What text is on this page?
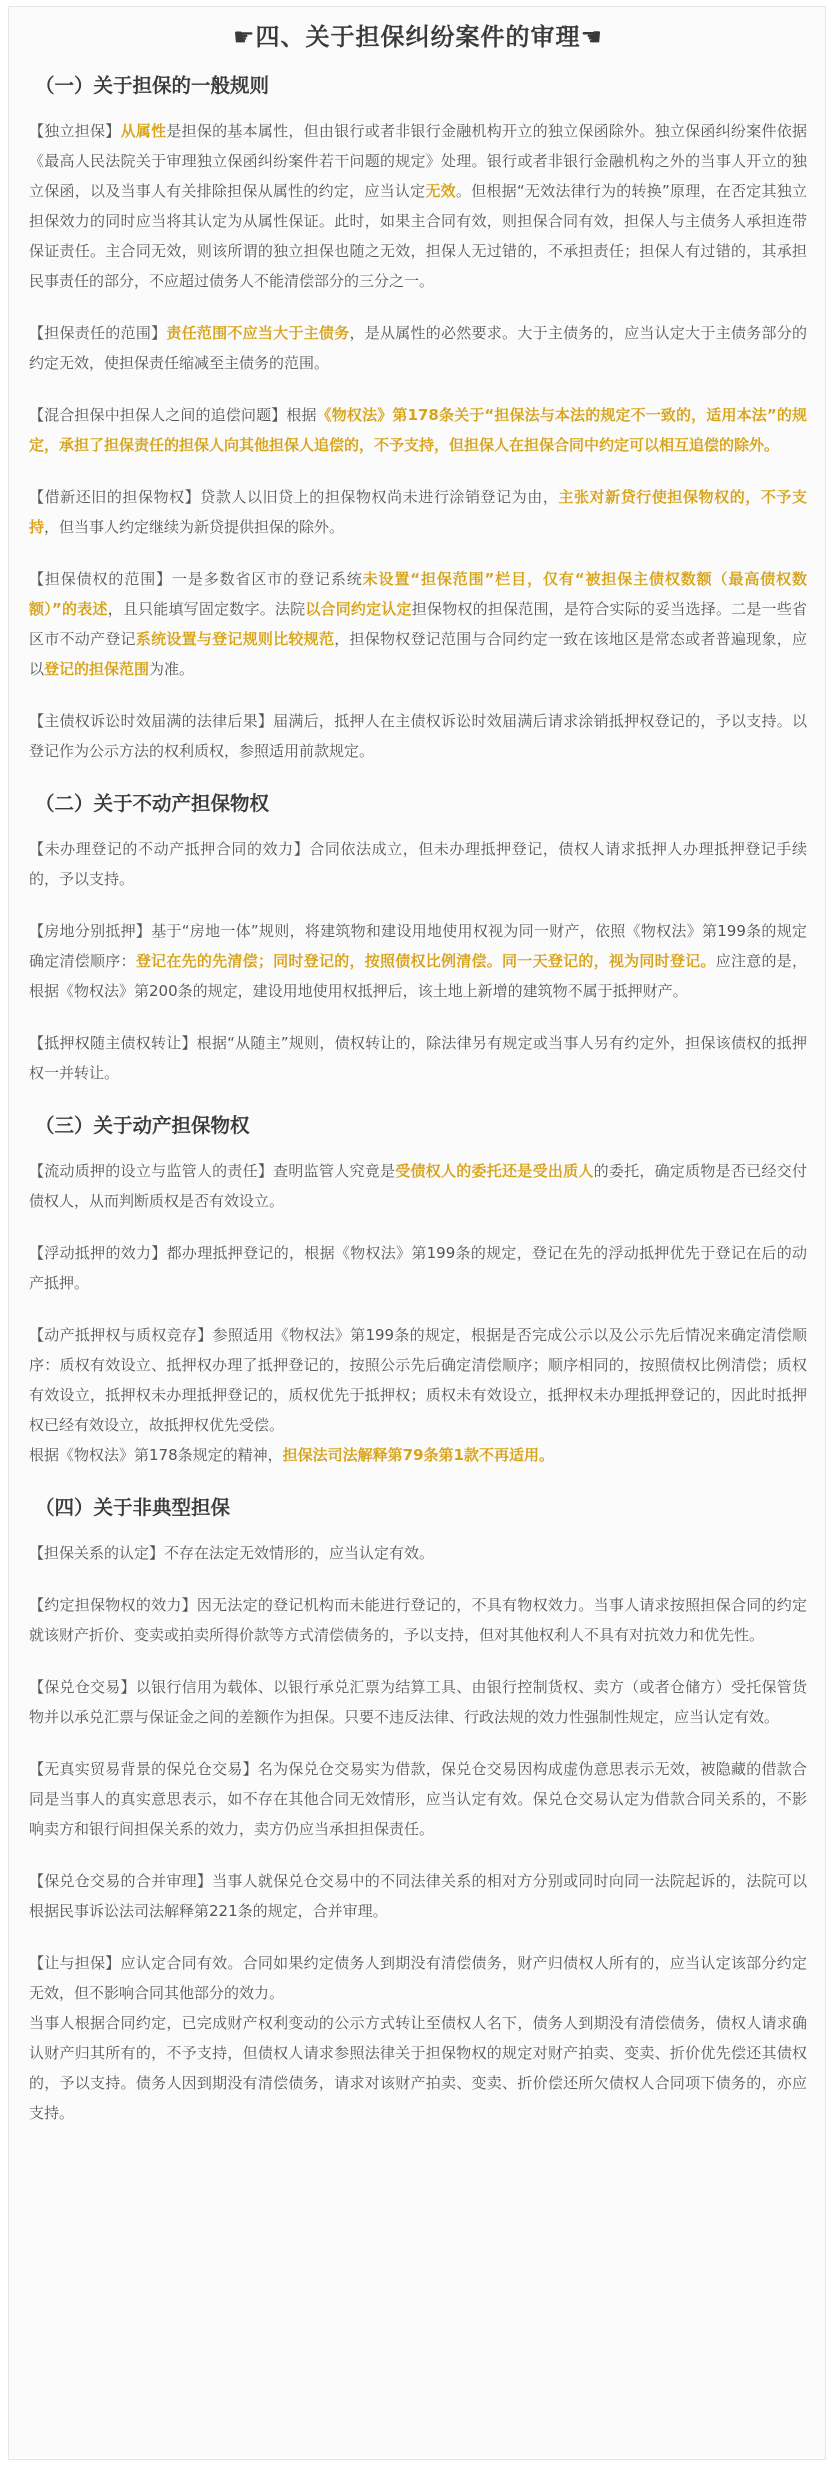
☛四、关于担保纠纷案件的审理☚
（一）关于担保的一般规则

【独立担保】从属性是担保的基本属性，但由银行或者非银行金融机构开立的独立保函除外。独立保函纠纷案件依据《最高人民法院关于审理独立保函纠纷案件若干问题的规定》处理。银行或者非银行金融机构之外的当事人开立的独立保函，以及当事人有关排除担保从属性的约定，应当认定无效。但根据“无效法律行为的转换”原理，在否定其独立担保效力的同时应当将其认定为从属性保证。此时，如果主合同有效，则担保合同有效，担保人与主债务人承担连带保证责任。主合同无效，则该所谓的独立担保也随之无效，担保人无过错的，不承担责任；担保人有过错的，其承担民事责任的部分，不应超过债务人不能清偿部分的三分之一。

【担保责任的范围】责任范围不应当大于主债务，是从属性的必然要求。大于主债务的，应当认定大于主债务部分的约定无效，使担保责任缩减至主债务的范围。

【混合担保中担保人之间的追偿问题】根据《物权法》第178条关于“担保法与本法的规定不一致的，适用本法”的规定，承担了担保责任的担保人向其他担保人追偿的，不予支持，但担保人在担保合同中约定可以相互追偿的除外。

【借新还旧的担保物权】贷款人以旧贷上的担保物权尚未进行涂销登记为由，主张对新贷行使担保物权的，不予支持，但当事人约定继续为新贷提供担保的除外。

【担保债权的范围】一是多数省区市的登记系统未设置“担保范围”栏目，仅有“被担保主债权数额（最高债权数额）”的表述，且只能填写固定数字。法院以合同约定认定担保物权的担保范围，是符合实际的妥当选择。二是一些省区市不动产登记系统设置与登记规则比较规范，担保物权登记范围与合同约定一致在该地区是常态或者普遍现象，应以登记的担保范围为准。

【主债权诉讼时效届满的法律后果】届满后，抵押人在主债权诉讼时效届满后请求涂销抵押权登记的，予以支持。以登记作为公示方法的权利质权，参照适用前款规定。

（二）关于不动产担保物权

【未办理登记的不动产抵押合同的效力】合同依法成立，但未办理抵押登记，债权人请求抵押人办理抵押登记手续的，予以支持。

【房地分别抵押】基于“房地一体”规则，将建筑物和建设用地使用权视为同一财产，依照《物权法》第199条的规定确定清偿顺序：登记在先的先清偿；同时登记的，按照债权比例清偿。同一天登记的，视为同时登记。应注意的是，根据《物权法》第200条的规定，建设用地使用权抵押后，该土地上新增的建筑物不属于抵押财产。

【抵押权随主债权转让】根据“从随主”规则，债权转让的，除法律另有规定或当事人另有约定外，担保该债权的抵押权一并转让。

（三）关于动产担保物权

【流动质押的设立与监管人的责任】查明监管人究竟是受债权人的委托还是受出质人的委托，确定质物是否已经交付债权人，从而判断质权是否有效设立。

【浮动抵押的效力】都办理抵押登记的，根据《物权法》第199条的规定，登记在先的浮动抵押优先于登记在后的动产抵押。

【动产抵押权与质权竞存】参照适用《物权法》第199条的规定，根据是否完成公示以及公示先后情况来确定清偿顺序：质权有效设立、抵押权办理了抵押登记的，按照公示先后确定清偿顺序；顺序相同的，按照债权比例清偿；质权有效设立，抵押权未办理抵押登记的，质权优先于抵押权；质权未有效设立，抵押权未办理抵押登记的，因此时抵押权已经有效设立，故抵押权优先受偿。

根据《物权法》第178条规定的精神，担保法司法解释第79条第1款不再适用。

（四）关于非典型担保

【担保关系的认定】不存在法定无效情形的，应当认定有效。

【约定担保物权的效力】因无法定的登记机构而未能进行登记的，不具有物权效力。当事人请求按照担保合同的约定就该财产折价、变卖或拍卖所得价款等方式清偿债务的，予以支持，但对其他权利人不具有对抗效力和优先性。

【保兑仓交易】以银行信用为载体、以银行承兑汇票为结算工具、由银行控制货权、卖方（或者仓储方）受托保管货物并以承兑汇票与保证金之间的差额作为担保。只要不违反法律、行政法规的效力性强制性规定，应当认定有效。

【无真实贸易背景的保兑仓交易】名为保兑仓交易实为借款，保兑仓交易因构成虚伪意思表示无效，被隐藏的借款合同是当事人的真实意思表示，如不存在其他合同无效情形，应当认定有效。保兑仓交易认定为借款合同关系的，不影响卖方和银行间担保关系的效力，卖方仍应当承担担保责任。

【保兑仓交易的合并审理】当事人就保兑仓交易中的不同法律关系的相对方分别或同时向同一法院起诉的，法院可以根据民事诉讼法司法解释第221条的规定，合并审理。

【让与担保】应认定合同有效。合同如果约定债务人到期没有清偿债务，财产归债权人所有的，应当认定该部分约定无效，但不影响合同其他部分的效力。

当事人根据合同约定，已完成财产权利变动的公示方式转让至债权人名下，债务人到期没有清偿债务，债权人请求确认财产归其所有的，不予支持，但债权人请求参照法律关于担保物权的规定对财产拍卖、变卖、折价优先偿还其债权的，予以支持。债务人因到期没有清偿债务，请求对该财产拍卖、变卖、折价偿还所欠债权人合同项下债务的，亦应支持。
